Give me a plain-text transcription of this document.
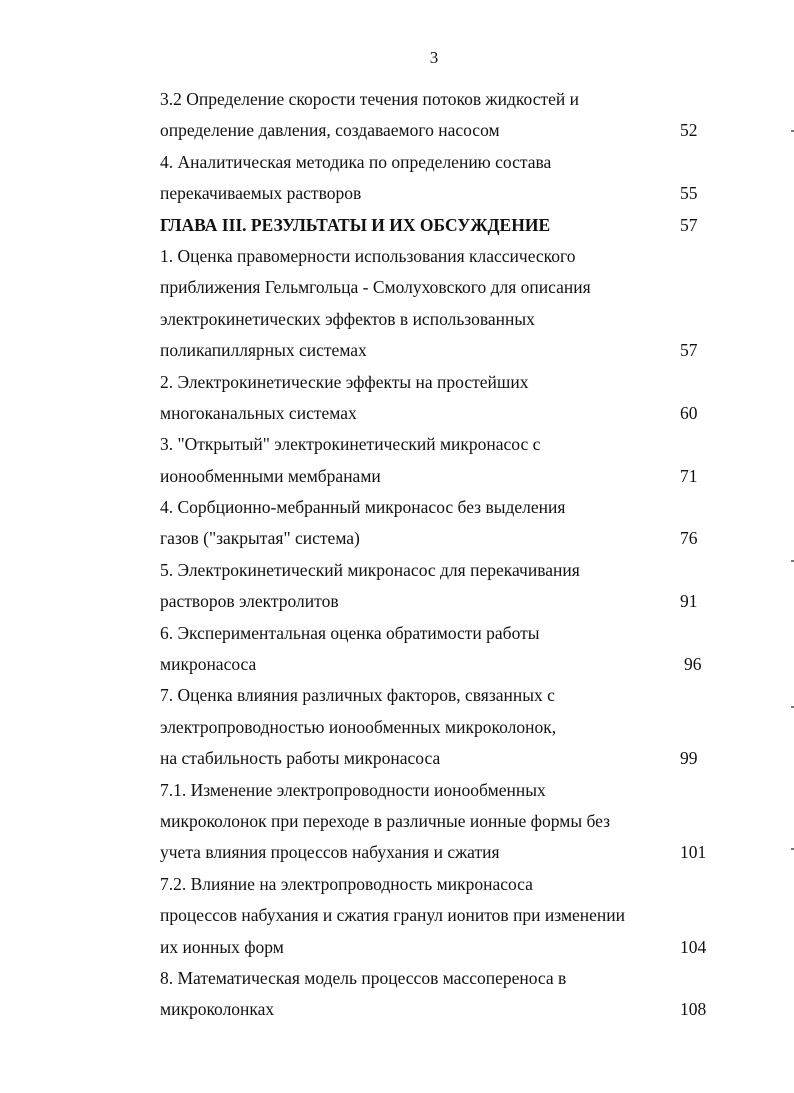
3
3.2 Определение скорости течения потоков жидкостей и
определение давления, создаваемого насосом	52
4. Аналитическая методика по определению состава
перекачиваемых растворов	55
ГЛАВА III. РЕЗУЛЬТАТЫ И ИХ ОБСУЖДЕНИЕ	57
1. Оценка правомерности использования классического
приближения Гельмгольца - Смолуховского для описания
электрокинетических эффектов в использованных
поликапиллярных системах	57
2. Электрокинетические эффекты на простейших
многоканальных системах	60
3. "Открытый" электрокинетический микронасос с
ионообменными мембранами	71
4. Сорбционно-мебранный микронасос без выделения
газов ("закрытая" система)	76
5. Электрокинетический микронасос для перекачивания
растворов электролитов	91
6. Экспериментальная оценка обратимости работы
микронасоса	96
7. Оценка влияния различных факторов, связанных с
электропроводностью ионообменных микроколонок,
на стабильность работы микронасоса	99
7.1. Изменение электропроводности ионообменных
микроколонок при переходе в различные ионные формы без
учета влияния процессов набухания и сжатия	101
7.2. Влияние на электропроводность микронасоса
процессов набухания и сжатия гранул ионитов при изменении
их ионных форм	104
8. Математическая модель процессов массопереноса в
микроколонках	108
